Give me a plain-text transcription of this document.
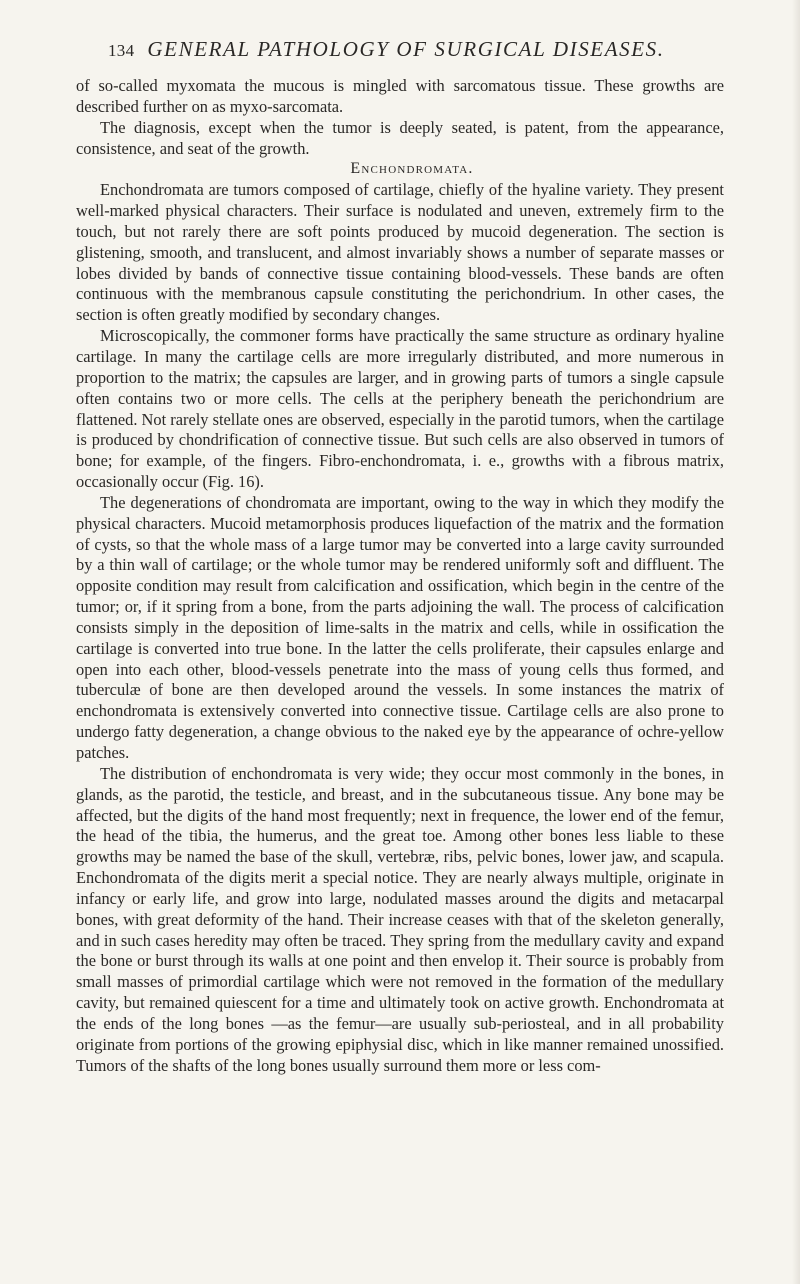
134 GENERAL PATHOLOGY OF SURGICAL DISEASES.

of so-called myxomata the mucous is mingled with sarcomatous tissue. These growths are described further on as myxo-sarcomata.

The diagnosis, except when the tumor is deeply seated, is patent, from the appearance, consistence, and seat of the growth.

Enchondromata.

Enchondromata are tumors composed of cartilage, chiefly of the hyaline variety. They present well-marked physical characters. Their surface is nodulated and uneven, extremely firm to the touch, but not rarely there are soft points produced by mucoid degeneration. The section is glistening, smooth, and translucent, and almost invariably shows a number of separate masses or lobes divided by bands of connective tissue containing blood-vessels. These bands are often continuous with the membranous capsule constituting the perichondrium. In other cases, the section is often greatly modified by secondary changes.

Microscopically, the commoner forms have practically the same structure as ordinary hyaline cartilage. In many the cartilage cells are more irregularly distributed, and more numerous in proportion to the matrix; the capsules are larger, and in growing parts of tumors a single capsule often contains two or more cells. The cells at the periphery beneath the perichondrium are flattened. Not rarely stellate ones are observed, especially in the parotid tumors, when the cartilage is produced by chondrification of connective tissue. But such cells are also observed in tumors of bone; for example, of the fingers. Fibro-enchondromata, i. e., growths with a fibrous matrix, occasionally occur (Fig. 16).

The degenerations of chondromata are important, owing to the way in which they modify the physical characters. Mucoid metamorphosis produces liquefaction of the matrix and the formation of cysts, so that the whole mass of a large tumor may be converted into a large cavity surrounded by a thin wall of cartilage; or the whole tumor may be rendered uniformly soft and diffluent. The opposite condition may result from calcification and ossification, which begin in the centre of the tumor; or, if it spring from a bone, from the parts adjoining the wall. The process of calcification consists simply in the deposition of lime-salts in the matrix and cells, while in ossification the cartilage is converted into true bone. In the latter the cells proliferate, their capsules enlarge and open into each other, blood-vessels penetrate into the mass of young cells thus formed, and tuberculæ of bone are then developed around the vessels. In some instances the matrix of enchondromata is extensively converted into connective tissue. Cartilage cells are also prone to undergo fatty degeneration, a change obvious to the naked eye by the appearance of ochre-yellow patches.

The distribution of enchondromata is very wide; they occur most commonly in the bones, in glands, as the parotid, the testicle, and breast, and in the subcutaneous tissue. Any bone may be affected, but the digits of the hand most frequently; next in frequence, the lower end of the femur, the head of the tibia, the humerus, and the great toe. Among other bones less liable to these growths may be named the base of the skull, vertebræ, ribs, pelvic bones, lower jaw, and scapula. Enchondromata of the digits merit a special notice. They are nearly always multiple, originate in infancy or early life, and grow into large, nodulated masses around the digits and metacarpal bones, with great deformity of the hand. Their increase ceases with that of the skeleton generally, and in such cases heredity may often be traced. They spring from the medullary cavity and expand the bone or burst through its walls at one point and then envelop it. Their source is probably from small masses of primordial cartilage which were not removed in the formation of the medullary cavity, but remained quiescent for a time and ultimately took on active growth. Enchondromata at the ends of the long bones —as the femur—are usually sub-periosteal, and in all probability originate from portions of the growing epiphysial disc, which in like manner remained unossified. Tumors of the shafts of the long bones usually surround them more or less com-
